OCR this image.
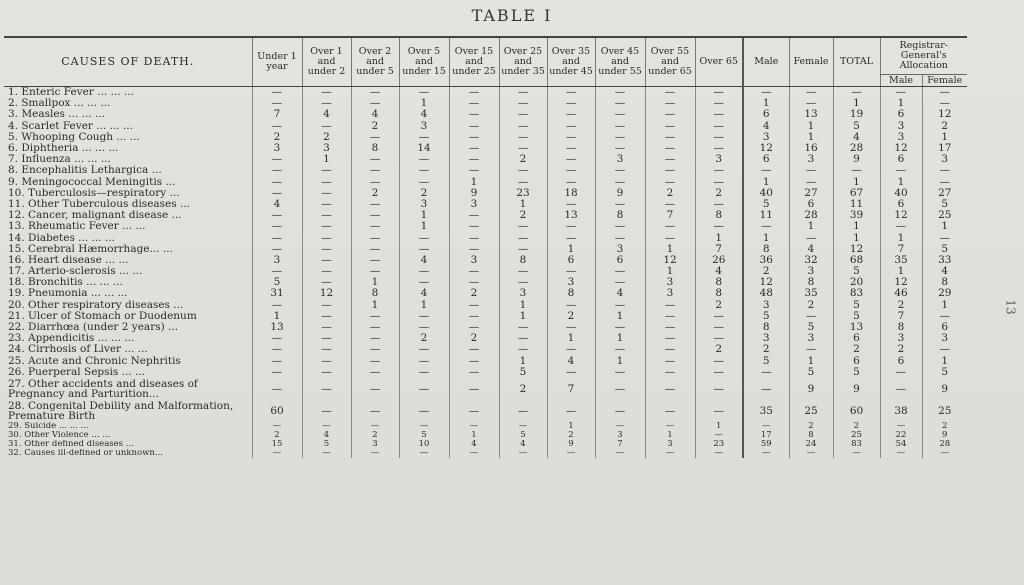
TABLE I
13
CAUSES OF DEATH.	Under 1 year	Over 1 and under 2	Over 2 and under 5	Over 5 and under 15	Over 15 and under 25	Over 25 and under 35	Over 35 and under 45	Over 45 and under 55	Over 55 and under 65	Over 65	Male	Female	TOTAL	Registrar-General's Allocation	
														Male	Female
1. Enteric Fever ... ... ...	—	—	—	—	—	—	—	—	—	—	—	—	—	—	—
2. Smallpox ... ... ...	—	—	—	1	—	—	—	—	—	—	1	—	1	1	—
3. Measles ... ... ...	7	4	4	4	—	—	—	—	—	—	6	13	19	6	12
4. Scarlet Fever ... ... ...	—	—	2	3	—	—	—	—	—	—	4	1	5	3	2
5. Whooping Cough ... ...	2	2	—	—	—	—	—	—	—	—	3	1	4	3	1
6. Diphtheria ... ... ...	3	3	8	14	—	—	—	—	—	—	12	16	28	12	17
7. Influenza ... ... ...	—	1	—	—	—	2	—	3	—	3	6	3	9	6	3
8. Encephalitis Lethargica ...	—	—	—	—	—	—	—	—	—	—	—	—	—	—	—
9. Meningococcal Meningitis ...	—	—	—	—	1	—	—	—	—	—	1	—	1	1	—
10. Tuberculosis—respiratory ...	—	—	2	2	9	23	18	9	2	2	40	27	67	40	27
11. Other Tuberculous diseases ...	4	—	—	3	3	1	—	—	—	—	5	6	11	6	5
12. Cancer, malignant disease ...	—	—	—	1	—	2	13	8	7	8	11	28	39	12	25
13. Rheumatic Fever ... ...	—	—	—	1	—	—	—	—	—	—	—	1	1	—	1
14. Diabetes ... ... ...	—	—	—	—	—	—	—	—	—	1	1	—	1	1	—
15. Cerebral Hæmorrhage... ...	—	—	—	—	—	—	1	3	1	7	8	4	12	7	5
16. Heart disease ... ...	3	—	—	4	3	8	6	6	12	26	36	32	68	35	33
17. Arterio-sclerosis ... ...	—	—	—	—	—	—	—	—	1	4	2	3	5	1	4
18. Bronchitis ... ... ...	5	—	1	—	—	—	3	—	3	8	12	8	20	12	8
19. Pneumonia ... ... ...	31	12	8	4	2	3	8	4	3	8	48	35	83	46	29
20. Other respiratory diseases ...	—	—	1	1	—	1	—	—	—	2	3	2	5	2	1
21. Ulcer of Stomach or Duodenum	1	—	—	—	—	1	2	1	—	—	5	—	5	7	—
22. Diarrhœa (under 2 years) ...	13	—	—	—	—	—	—	—	—	—	8	5	13	8	6
23. Appendicitis ... ... ...	—	—	—	2	2	—	1	1	—	—	3	3	6	3	3
24. Cirrhosis of Liver ... ...	—	—	—	—	—	—	—	—	—	2	2	—	2	2	—
25. Acute and Chronic Nephritis	—	—	—	—	—	1	4	1	—	—	5	1	6	6	1
26. Puerperal Sepsis ... ...	—	—	—	—	—	5	—	—	—	—	—	5	5	—	5
27. Other accidents and diseases of Pregnancy and Parturition...	—	—	—	—	—	2	7	—	—	—	—	9	9	—	9
28. Congenital Debility and Malformation, Premature Birth	60	—	—	—	—	—	—	—	—	—	35	25	60	38	25
29. Suicide ... ... ...	—	—	—	—	—	—	1	—	—	1	—	2	2	—	2
30. Other Violence ... ...	2	4	2	5	1	5	2	3	1	—	17	8	25	22	9
31. Other defined diseases ...	15	5	3	10	4	4	9	7	3	23	59	24	83	54	28
32. Causes ill-defined or unknown...	—	—	—	—	—	—	—	—	—	—	—	—	—	—	—
